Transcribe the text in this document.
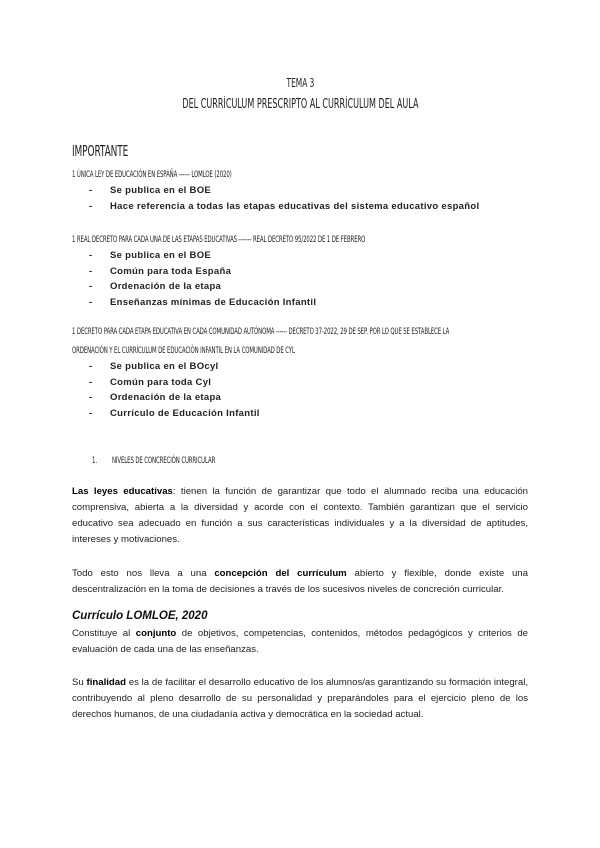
TEMA 3
DEL CURRÍCULUM PRESCRIPTO AL CURRÍCULUM DEL AULA
IMPORTANTE
1 ÚNICA LEY DE EDUCACIÓN EN ESPAÑA ------ LOMLOE (2020)
- Se publica en el BOE
- Hace referencia a todas las etapas educativas del sistema educativo español
1 REAL DECRETO PARA CADA UNA DE LAS ETAPAS EDUCATIVAS ------- REAL DECRETO 95/2022 DE 1 DE FEBRERO
- Se publica en el BOE
- Común para toda España
- Ordenación de la etapa
- Enseñanzas mínimas de Educación Infantil
1 DECRETO PARA CADA ETAPA EDUCATIVA EN CADA COMUNIDAD AUTÓNOMA ------ DECRETO 37-2022, 29 DE SEP. POR LO QUE SE ESTABLECE LA
ORDENACIÓN Y EL CURRÍCULUM DE EDUCACIÓN INFANTIL EN LA COMUNIDAD DE CYL
- Se publica en el BOcyl
- Común para toda Cyl
- Ordenación de la etapa
- Currículo de Educación Infantil
1. NIVELES DE CONCRECIÓN CURRICULAR

Las leyes educativas: tienen la función de garantizar que todo el alumnado reciba una educación comprensiva, abierta a la diversidad y acorde con el contexto. También garantizan que el servicio educativo sea adecuado en función a sus características individuales y a la diversidad de aptitudes, intereses y motivaciones.

Todo esto nos lleva a una concepción del currículum abierto y flexible, donde existe una descentralización en la toma de decisiones a través de los sucesivos niveles de concreción curricular.

Currículo LOMLOE, 2020

Constituye al conjunto de objetivos, competencias, contenidos, métodos pedagógicos y criterios de evaluación de cada una de las enseñanzas.

Su finalidad es la de facilitar el desarrollo educativo de los alumnos/as garantizando su formación integral, contribuyendo al pleno desarrollo de su personalidad y preparándoles para el ejercicio pleno de los derechos humanos, de una ciudadanía activa y democrática en la sociedad actual.
